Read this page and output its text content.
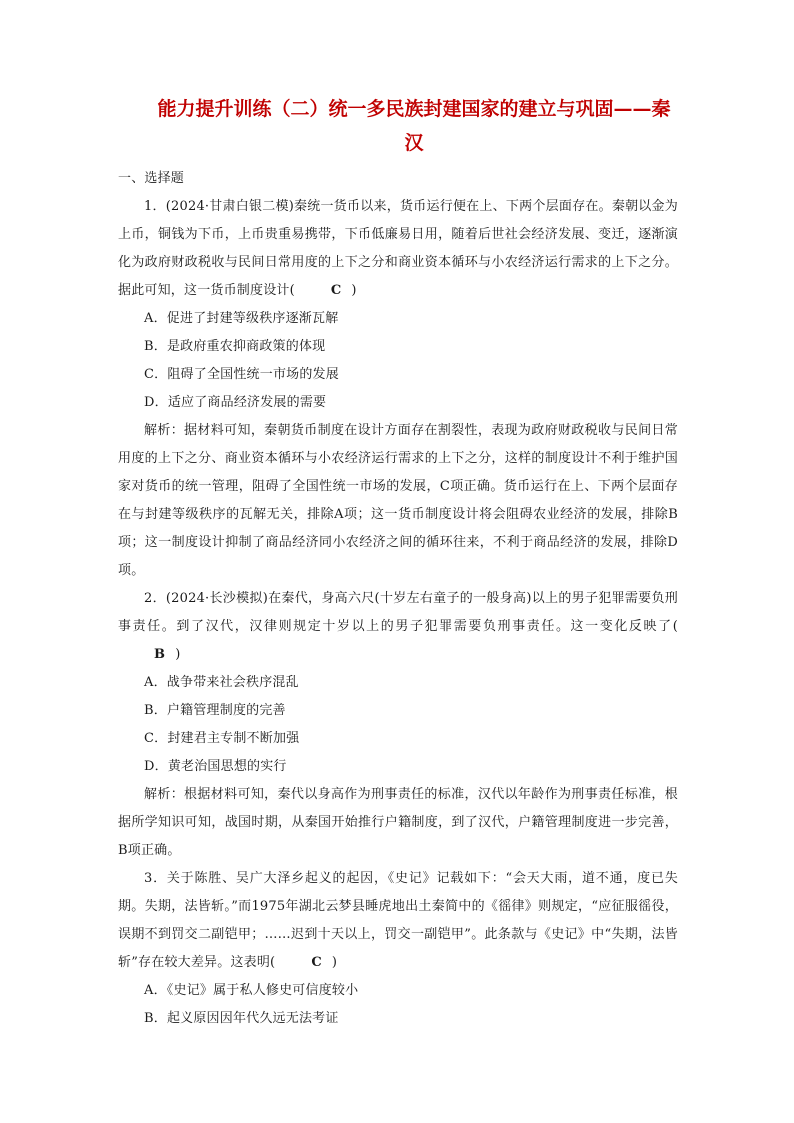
能力提升训练（二）统一多民族封建国家的建立与巩固——秦
汉

一、选择题

1．(2024·甘肃白银二模)秦统一货币以来，货币运行便在上、下两个层面存在。秦朝以金为上币，铜钱为下币，上币贵重易携带，下币低廉易日用，随着后世社会经济发展、变迁，逐渐演化为政府财政税收与民间日常用度的上下之分和商业资本循环与小农经济运行需求的上下之分。据此可知，这一货币制度设计(	C )

A．促进了封建等级秩序逐渐瓦解

B．是政府重农抑商政策的体现

C．阻碍了全国性统一市场的发展

D．适应了商品经济发展的需要

解析：据材料可知，秦朝货币制度在设计方面存在割裂性，表现为政府财政税收与民间日常用度的上下之分、商业资本循环与小农经济运行需求的上下之分，这样的制度设计不利于维护国家对货币的统一管理，阻碍了全国性统一市场的发展，C项正确。货币运行在上、下两个层面存在与封建等级秩序的瓦解无关，排除A项；这一货币制度设计将会阻碍农业经济的发展，排除B项；这一制度设计抑制了商品经济同小农经济之间的循环往来，不利于商品经济的发展，排除D项。

2．(2024·长沙模拟)在秦代，身高六尺(十岁左右童子的一般身高)以上的男子犯罪需要负刑事责任。到了汉代，汉律则规定十岁以上的男子犯罪需要负刑事责任。这一变化反映了(B )

A．战争带来社会秩序混乱

B．户籍管理制度的完善

C．封建君主专制不断加强

D．黄老治国思想的实行

解析：根据材料可知，秦代以身高作为刑事责任的标准，汉代以年龄作为刑事责任标准，根据所学知识可知，战国时期，从秦国开始推行户籍制度，到了汉代，户籍管理制度进一步完善，B项正确。

3．关于陈胜、吴广大泽乡起义的起因，《史记》记载如下：“会天大雨，道不通，度已失期。失期，法皆斩。”而1975年湖北云梦县睡虎地出土秦简中的《徭律》则规定，“应征服徭役，误期不到罚交二副铠甲；……迟到十天以上，罚交一副铠甲”。此条款与《史记》中“失期，法皆斩”存在较大差异。这表明(	C )

A．《史记》属于私人修史可信度较小

B．起义原因因年代久远无法考证
